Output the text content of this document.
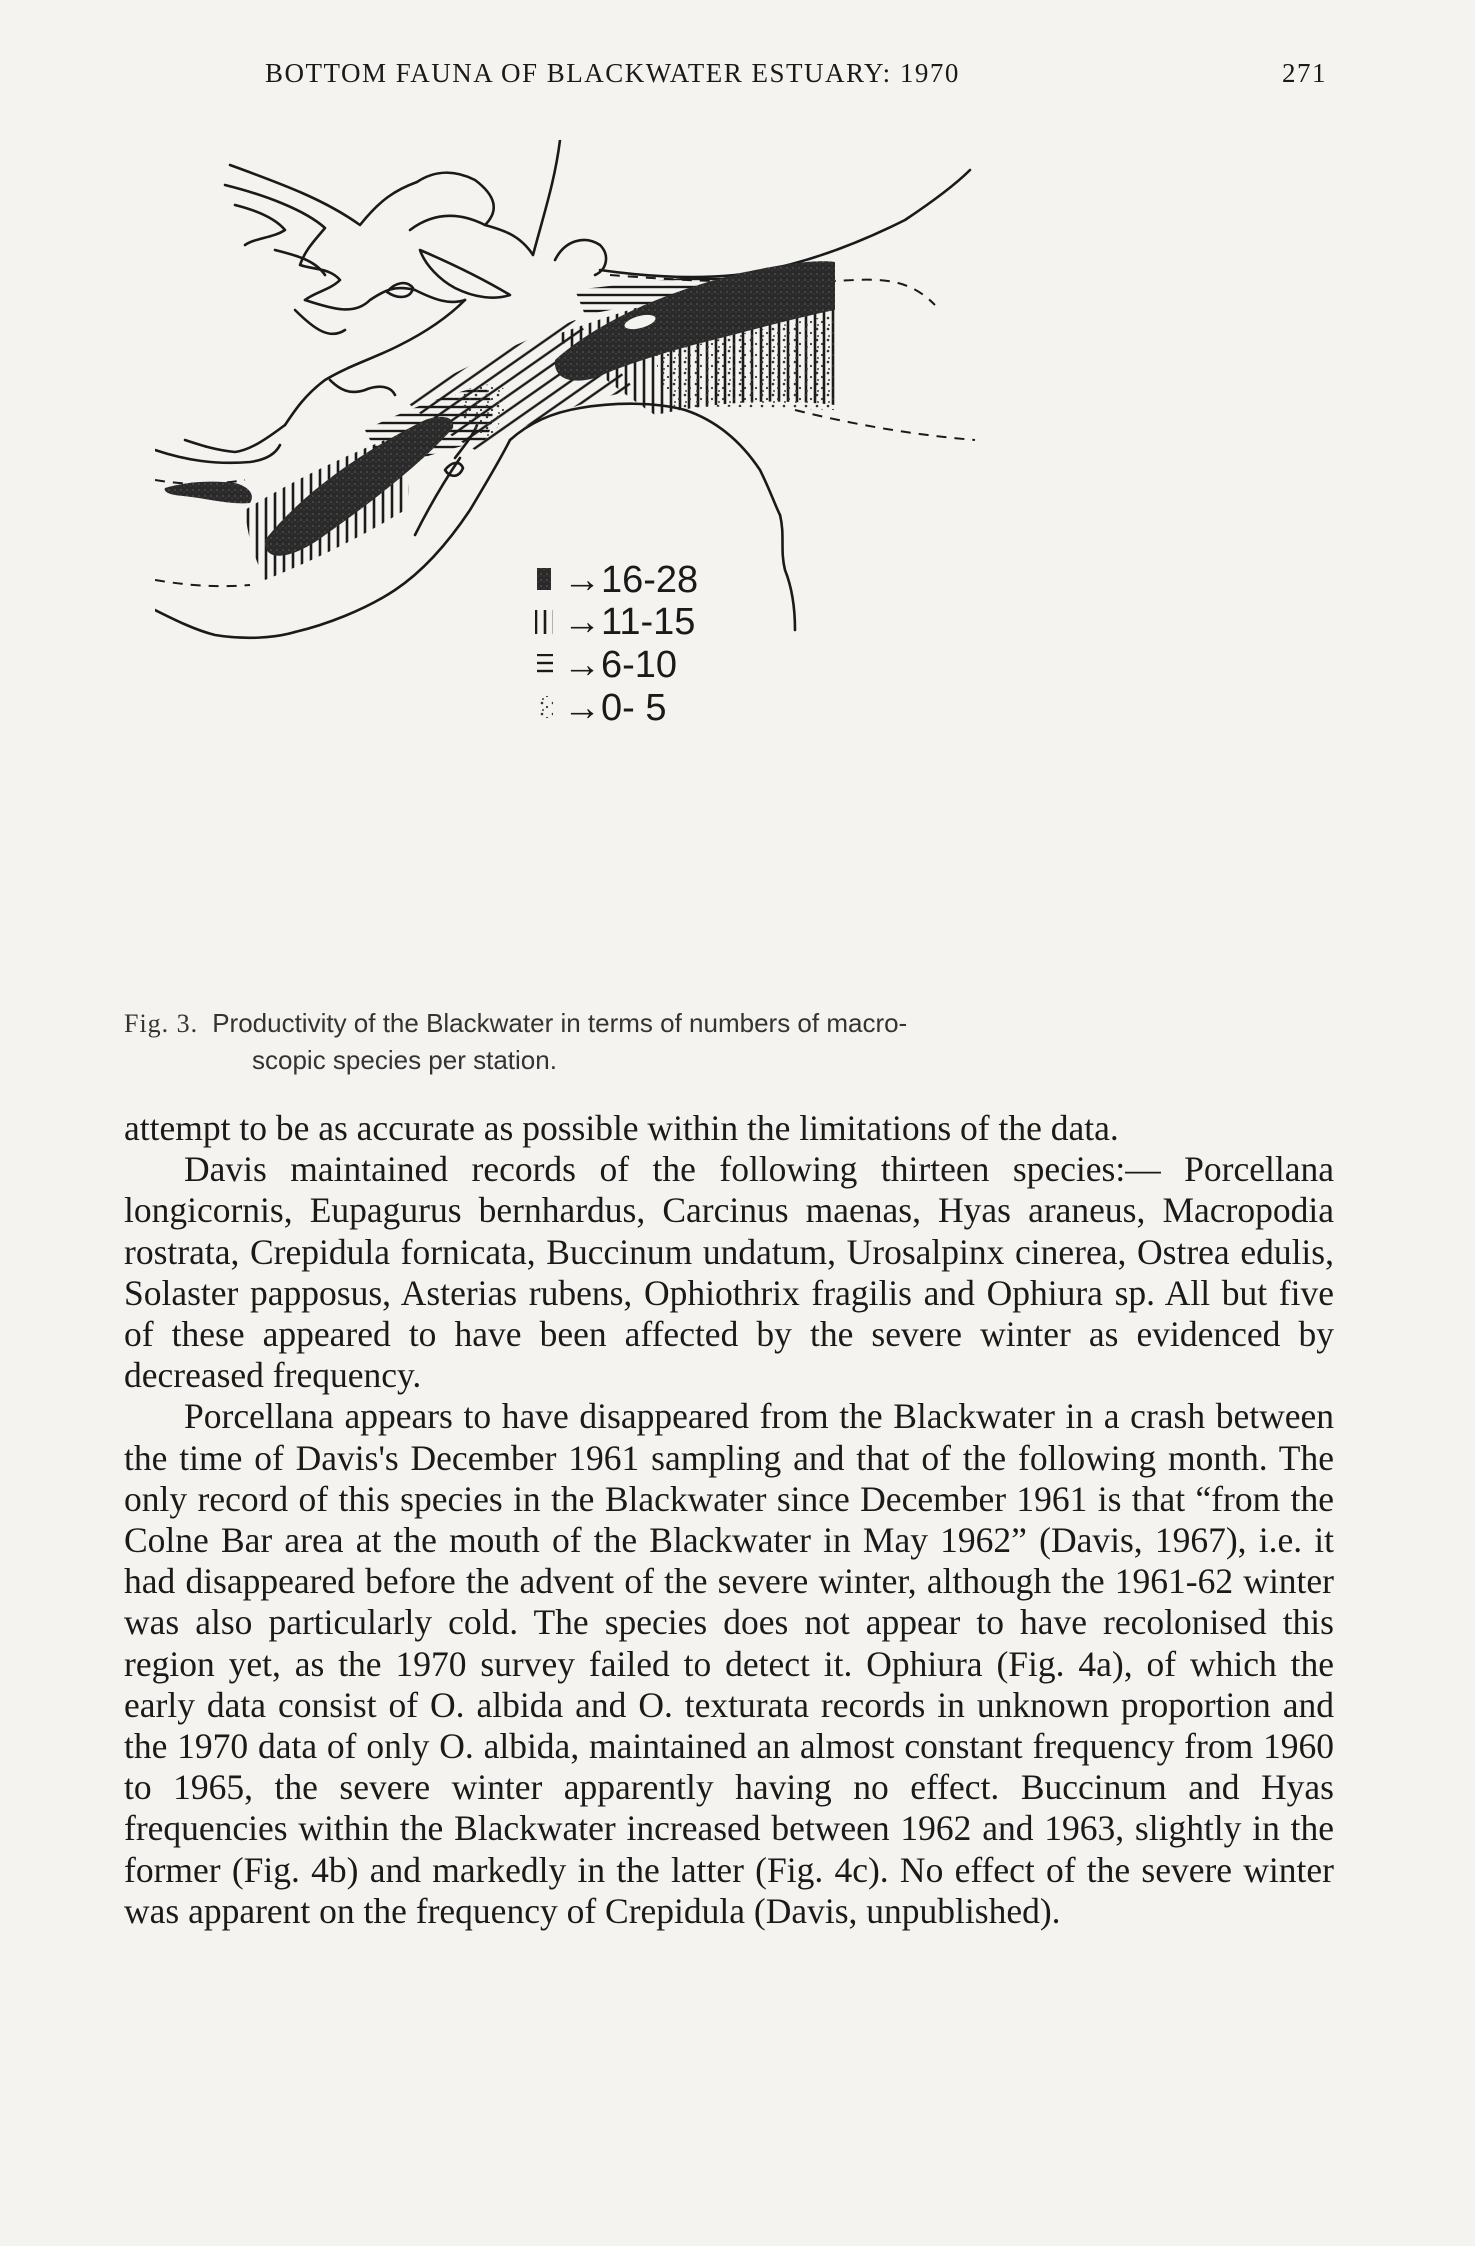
BOTTOM FAUNA OF BLACKWATER ESTUARY: 1970	271
→16-28
→11-15
→6-10
→0- 5
Fig. 3. Productivity of the Blackwater in terms of numbers of macro-
scopic species per station.

attempt to be as accurate as possible within the limitations of the data.

Davis maintained records of the following thirteen species:— Porcellana longicornis, Eupagurus bernhardus, Carcinus maenas, Hyas araneus, Macropodia rostrata, Crepidula fornicata, Buccinum undatum, Urosalpinx cinerea, Ostrea edulis, Solaster papposus, Asterias rubens, Ophiothrix fragilis and Ophiura sp. All but five of these appeared to have been affected by the severe winter as evidenced by decreased frequency.

Porcellana appears to have disappeared from the Blackwater in a crash between the time of Davis's December 1961 sampling and that of the following month. The only record of this species in the Blackwater since December 1961 is that “from the Colne Bar area at the mouth of the Blackwater in May 1962” (Davis, 1967), i.e. it had disappeared before the advent of the severe winter, although the 1961-62 winter was also particularly cold. The species does not appear to have recolonised this region yet, as the 1970 survey failed to detect it. Ophiura (Fig. 4a), of which the early data consist of O. albida and O. texturata records in unknown proportion and the 1970 data of only O. albida, maintained an almost constant frequency from 1960 to 1965, the severe winter apparently having no effect. Buccinum and Hyas frequencies within the Blackwater increased between 1962 and 1963, slightly in the former (Fig. 4b) and markedly in the latter (Fig. 4c). No effect of the severe winter was apparent on the frequency of Crepidula (Davis, unpublished).
